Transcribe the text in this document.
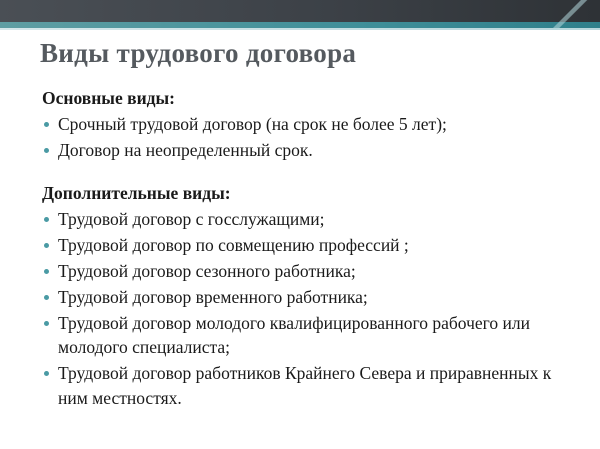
Виды трудового договора

Основные виды:

Срочный трудовой договор (на срок не более 5 лет);
Договор на неопределенный срок.

Дополнительные виды:

Трудовой договор с госслужащими;
Трудовой договор по совмещению профессий ;
Трудовой договор сезонного работника;
Трудовой договор временного работника;
Трудовой договор молодого квалифицированного рабочего или молодого специалиста;
Трудовой договор работников Крайнего Севера и приравненных к ним местностях.
